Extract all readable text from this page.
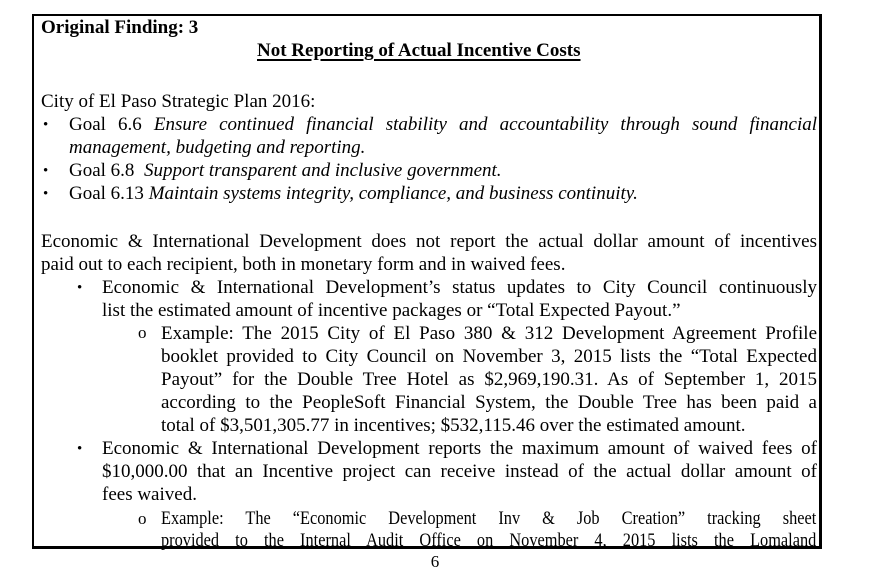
Original Finding: 3
Not Reporting of Actual Incentive Costs
City of El Paso Strategic Plan 2016:
• Goal 6.6 Ensure continued financial stability and accountability through sound financial
management, budgeting and reporting.
• Goal 6.8 Support transparent and inclusive government.
• Goal 6.13 Maintain systems integrity, compliance, and business continuity.
Economic & International Development does not report the actual dollar amount of incentives
paid out to each recipient, both in monetary form and in waived fees.
• Economic & International Development’s status updates to City Council continuously
list the estimated amount of incentive packages or “Total Expected Payout.”
o Example: The 2015 City of El Paso 380 & 312 Development Agreement Profile
booklet provided to City Council on November 3, 2015 lists the “Total Expected
Payout” for the Double Tree Hotel as $2,969,190.31. As of September 1, 2015
according to the PeopleSoft Financial System, the Double Tree has been paid a
total of $3,501,305.77 in incentives; $532,115.46 over the estimated amount.
• Economic & International Development reports the maximum amount of waived fees of
$10,000.00 that an Incentive project can receive instead of the actual dollar amount of
fees waived.
o Example: The “Economic Development Inv & Job Creation” tracking sheet
provided to the Internal Audit Office on November 4, 2015 lists the Lomaland
6
